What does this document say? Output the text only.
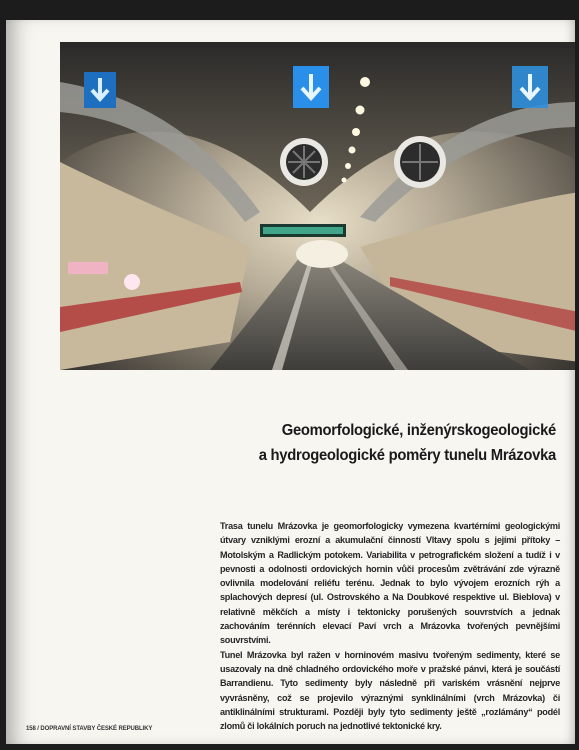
Geomorfologické, inženýrskogeologické
a hydrogeologické poměry tunelu Mrázovka

Trasa tunelu Mrázovka je geomorfologicky vymezena kvartérními geologickými útvary vzniklými erozní a akumulační činností Vltavy spolu s jejími přítoky – Motolským a Radlickým potokem. Variabilita v petrografickém složení a tudíž i v pevnosti a odolnosti ordovických hornin vůči procesům zvětrávání zde výrazně ovlivnila modelování reliéfu terénu. Jednak to bylo vývojem erozních rýh a splachových depresí (ul. Ostrovského a Na Doubkové respektive ul. Bieblova) v relativně měkčích a místy i tektonicky porušených souvrstvích a jednak zachováním terénních elevací Paví vrch a Mrázovka tvořených pevnějšími souvrstvími.

Tunel Mrázovka byl ražen v horninovém masivu tvořeným sedimenty, které se usazovaly na dně chladného ordovického moře v pražské pánvi, která je součástí Barrandienu. Tyto sedimenty byly následně při variském vrásnění nejprve vyvrásněny, což se projevilo výraznými synklinálními (vrch Mrázovka) či antiklinálními strukturami. Později byly tyto sedimenty ještě „rozlámány“ podél zlomů či lokálních poruch na jednotlivé tektonické kry.

158 / DOPRAVNÍ STAVBY ČESKÉ REPUBLIKY
